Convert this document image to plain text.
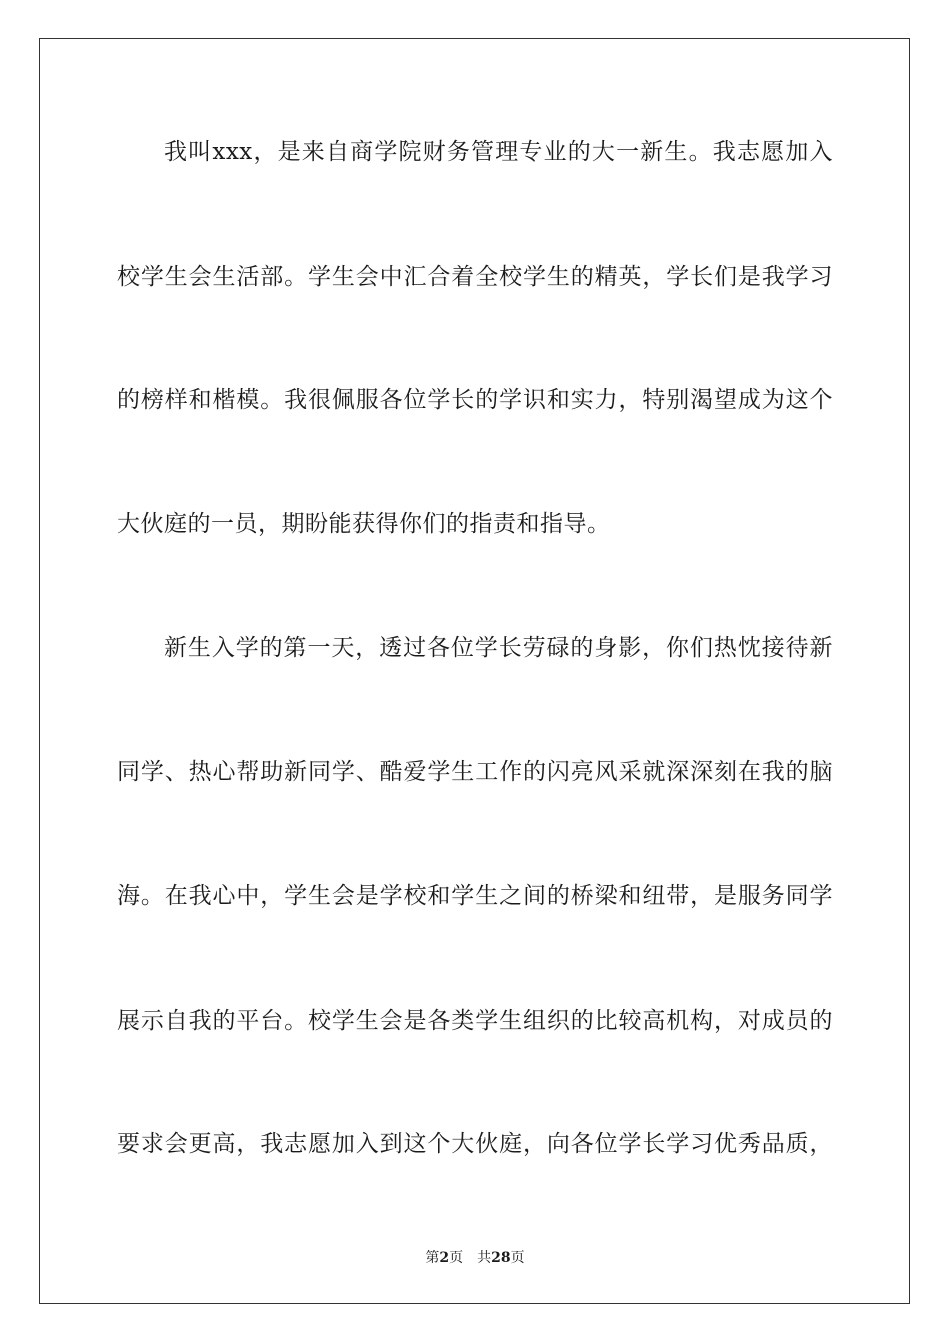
我叫xxx，是来自商学院财务管理专业的大一新生。我志愿加入
校学生会生活部。学生会中汇合着全校学生的精英，学长们是我学习
的榜样和楷模。我很佩服各位学长的学识和实力，特别渴望成为这个
大伙庭的一员，期盼能获得你们的指责和指导。
新生入学的第一天，透过各位学长劳碌的身影，你们热忱接待新
同学、热心帮助新同学、酷爱学生工作的闪亮风采就深深刻在我的脑
海。在我心中，学生会是学校和学生之间的桥梁和纽带，是服务同学
展示自我的平台。校学生会是各类学生组织的比较高机构，对成员的
要求会更高，我志愿加入到这个大伙庭，向各位学长学习优秀品质，
第2页 共28页
